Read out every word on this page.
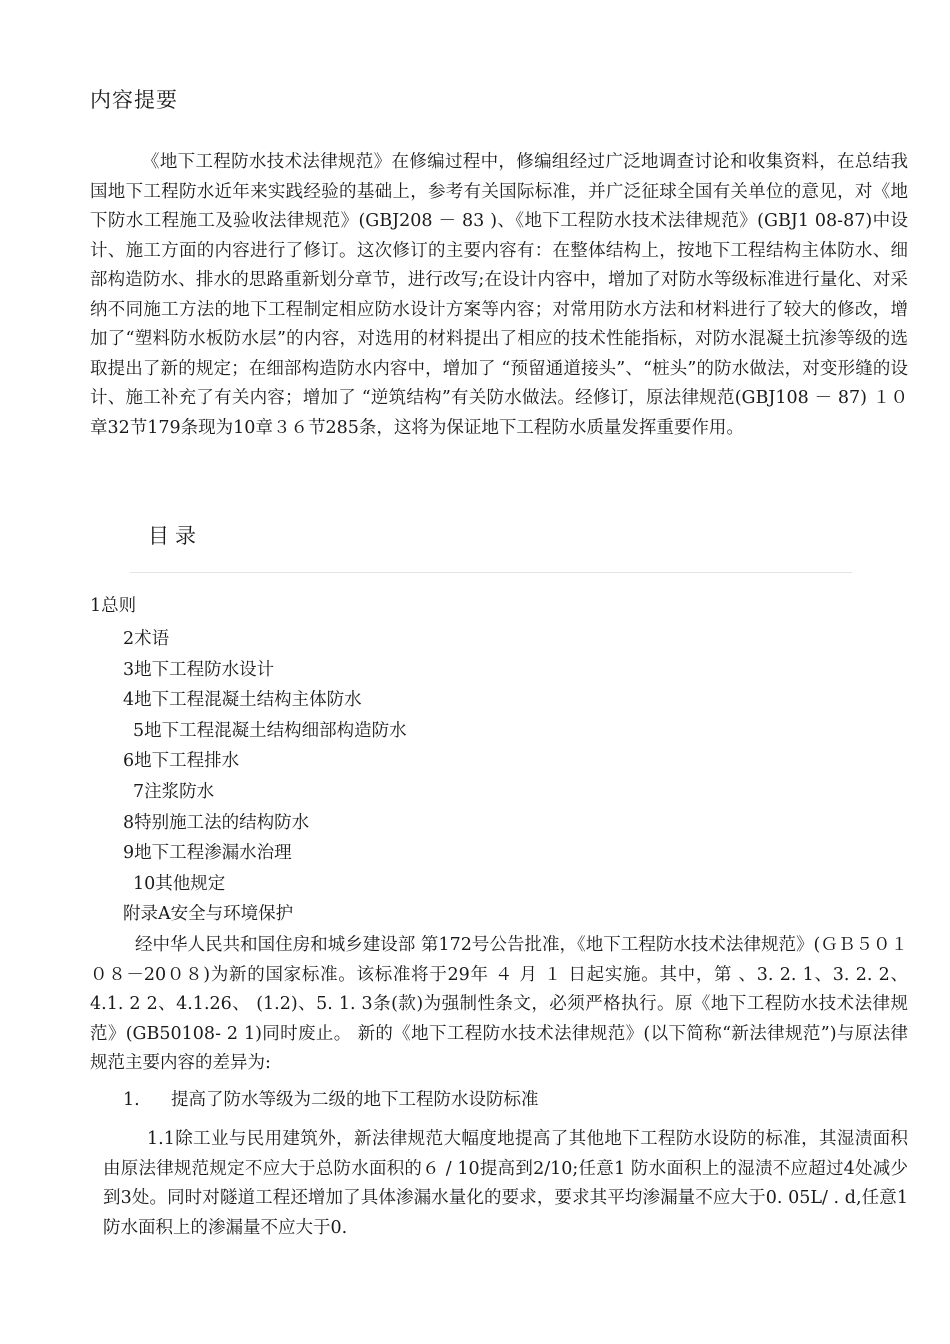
内容提要

《地下工程防水技术法律规范》在修编过程中，修编组经过广泛地调查讨论和收集资料，在总结我国地下工程防水近年来实践经验的基础上，参考有关国际标准，并广泛征球全国有关单位的意见，对《地下防水工程施工及验收法律规范》(GBJ208 － 83 )、《地下工程防水技术法律规范》(GBJ1 08-87)中设计、施工方面的内容进行了修订。这次修订的主要内容有：在整体结构上，按地下工程结构主体防水、细部构造防水、排水的思路重新划分章节，进行改写;在设计内容中，增加了对防水等级标准进行量化、对采纳不同施工方法的地下工程制定相应防水设计方案等内容；对常用防水方法和材料进行了较大的修改，增加了“塑料防水板防水层”的内容，对选用的材料提出了相应的技术性能指标，对防水混凝土抗渗等级的选取提出了新的规定；在细部构造防水内容中，增加了 “预留通道接头”、“桩头”的防水做法，对变形缝的设计、施工补充了有关内容；增加了 “逆筑结构”有关防水做法。经修订，原法律规范(GBJ108 － 87) １０章32节179条现为10章３６节285条，这将为保证地下工程防水质量发挥重要作用。

目录
1总则
2术语
3地下工程防水设计
4地下工程混凝土结构主体防水
5地下工程混凝土结构细部构造防水
6地下工程排水
7注浆防水
8特别施工法的结构防水
9地下工程渗漏水治理
10其他规定
附录A安全与环境保护

经中华人民共和国住房和城乡建设部 第172号公告批准，《地下工程防水技术法律规范》(ＧＢ５０１０８－20０８)为新的国家标准。该标准将于29年 ４ 月 １ 日起实施。其中，第 、3. 2. 1、3. 2. 2、4.1. 2 2、4.1.26、 (1.2)、5. 1. 3条(款)为强制性条文，必须严格执行。原《地下工程防水技术法律规范》(GB50108- 2 1)同时废止。 新的《地下工程防水技术法律规范》(以下简称“新法律规范”)与原法律规范主要内容的差异为:

1. 提高了防水等级为二级的地下工程防水设防标准

1.1除工业与民用建筑外，新法律规范大幅度地提高了其他地下工程防水设防的标准，其湿渍面积由原法律规范规定不应大于总防水面积的６ / 10提高到2/10;任意1 防水面积上的湿渍不应超过4处减少到3处。同时对隧道工程还增加了具体渗漏水量化的要求，要求其平均渗漏量不应大于0. 05L/ . d,任意1 防水面积上的渗漏量不应大于0.
